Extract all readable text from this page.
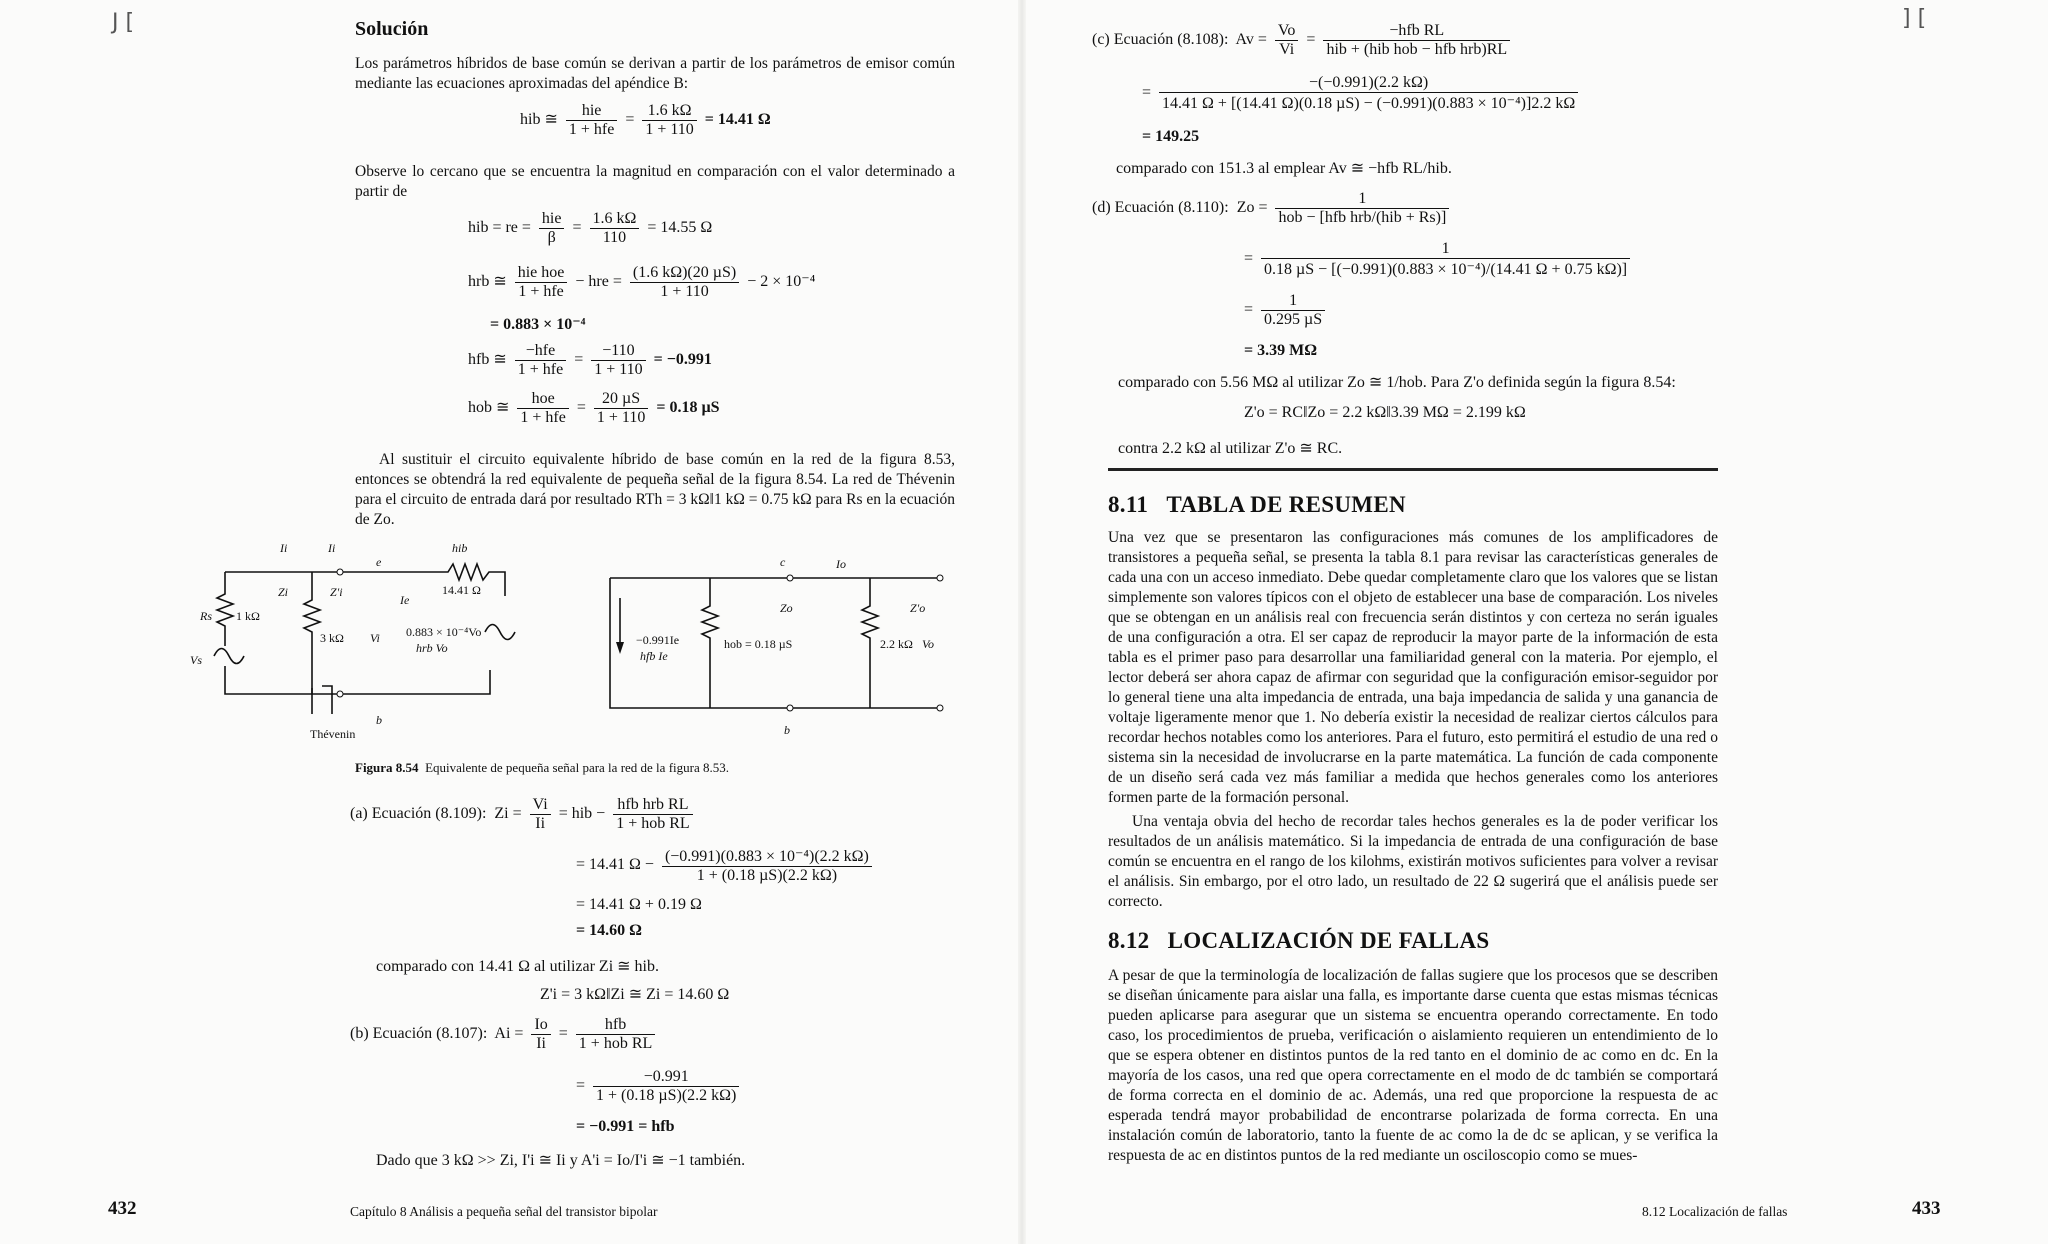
J [	Solución
Los parámetros híbridos de base común se derivan a partir de los parámetros de emisor común mediante las ecuaciones aproximadas del apéndice B:
hib ≅ $\frac{\text{hie}}{\text{1 + hfe}} = \frac{1.6 k\Omega}{1 + 110} = 14.41$ Ω
Observe lo cercano que se encuentra la magnitud en comparación con el valor determinado a partir de
hib = re = $\frac{\text{hie}}{\beta} = \frac{1.6 k\Omega}{110} = 14.55$ Ω
hrb ≅ $\frac{\text{hie hoe}}{\text{1 + hfe}}$ − hre = $\frac{\text{(1.6 kΩ)(20 µS)}}{1 + 110} - 2 \times 10^{-4}$
= 0.883 × 10⁻⁴
hfb ≅ $\frac{\text{−hfe}}{\text{1 + hfe}} = \frac{-110}{1 + 110} = -0.991$
hob ≅ $\frac{\text{hoe}}{\text{1 + hfe}} = \frac{\text{20 µS}}{1 + 110} = 0.18$ µS
Al sustituir el circuito equivalente híbrido de base común en la red de la figura 8.53, entonces se obtendrá la red equivalente de pequeña señal de la figura 8.54. La red de Thévenin para el circuito de entrada dará por resultado RTh = 3 kΩ‖1 kΩ = 0.75 kΩ para Rs en la ecuación de Zo.
Ii	Ii
e
hib
14.41 Ω
Rs 1 kΩ
Zi	Z'i
Ie
3 kΩ Vi 0.883 × 10⁻⁴Vo
hrb Vo
Vs
Thévenin
b
c	Io
Zo	Z'o
−0.991Ie
hfb Ie
hob = 0.18 µS	2.2 kΩ Vo
b
Figura 8.54 Equivalente de pequeña señal para la red de la figura 8.53.
(a) Ecuación (8.109): $Zi = \frac{Vi}{Ii}$ = hib − $\frac{\text{hfb hrb RL}}{\text{1 + hob RL}}$
= 14.41 $\Omega - \frac{\text{(−0.991)(0.883 × 10⁻⁴)(2.2 kΩ)}}{\text{1 + (0.18 µS)(2.2 kΩ)}}$
= 14.41 Ω + 0.19 Ω
= 14.60 Ω
comparado con 14.41 Ω al utilizar Zi ≅ hib.
Z'i = 3 kΩ‖Zi ≅ Zi = 14.60 Ω
(b) Ecuación (8.107): $Ai = \frac{Io}{Ii} = \frac{\text{hfb}}{\text{1 + hob RL}}$
= $\frac{-0.991}{\text{1 + (0.18 µS)(2.2 kΩ)}}$
= −0.991 = hfb
Dado que 3 kΩ >> Zi, I'i ≅ Ii y A'i = Io/I'i ≅ −1 también.
432	Capítulo 8 Análisis a pequeña señal del transistor bipolar
] [
(c) Ecuación (8.108): $Av = \frac{Vo}{Vi} = \frac{\text{−hfb RL}}{\text{hib + (hib hob − hfb hrb)RL}}$
=
−(−0.991)(2.2 kΩ)
14.41 Ω + [(14.41 Ω)(0.18 µS) − (−0.991)(0.883 × 10⁻⁴)]2.2 kΩ
= 149.25
comparado con 151.3 al emplear Av ≅ −hfb RL/hib.
(d) Ecuación (8.110): $Zo = \frac{1}{\text{hob − [hfb hrb/(hib + Rs)]}}$
= $\frac{1}{\text{0.18 µS − [(−0.991)(0.883 × 10⁻⁴)/(14.41 Ω + 0.75 kΩ)]}}$
= $\frac{1}{\text{0.295 µS}}$
= 3.39 MΩ
comparado con 5.56 MΩ al utilizar Zo ≅ 1/hob. Para Z'o definida según la figura 8.54:
Z'o = RC‖Zo = 2.2 kΩ‖3.39 MΩ = 2.199 kΩ
contra 2.2 kΩ al utilizar Z'o ≅ RC.
8.11 TABLA DE RESUMEN
Una vez que se presentaron las configuraciones más comunes de los amplificadores de transistores a pequeña señal, se presenta la tabla 8.1 para revisar las características generales de cada una con un acceso inmediato. Debe quedar completamente claro que los valores que se listan simplemente son valores típicos con el objeto de establecer una base de comparación. Los niveles que se obtengan en un análisis real con frecuencia serán distintos y con certeza no serán iguales de una configuración a otra. El ser capaz de reproducir la mayor parte de la información de esta tabla es el primer paso para desarrollar una familiaridad general con la materia. Por ejemplo, el lector deberá ser ahora capaz de afirmar con seguridad que la configuración emisor-seguidor por lo general tiene una alta impedancia de entrada, una baja impedancia de salida y una ganancia de voltaje ligeramente menor que 1. No debería existir la necesidad de realizar ciertos cálculos para recordar hechos notables como los anteriores. Para el futuro, esto permitirá el estudio de una red o sistema sin la necesidad de involucrarse en la parte matemática. La función de cada componente de un diseño será cada vez más familiar a medida que hechos generales como los anteriores formen parte de la formación personal.
Una ventaja obvia del hecho de recordar tales hechos generales es la de poder verificar los resultados de un análisis matemático. Si la impedancia de entrada de una configuración de base común se encuentra en el rango de los kilohms, existirán motivos suficientes para volver a revisar el análisis. Sin embargo, por el otro lado, un resultado de 22 Ω sugerirá que el análisis puede ser correcto.
8.12 LOCALIZACIÓN DE FALLAS
A pesar de que la terminología de localización de fallas sugiere que los procesos que se describen se diseñan únicamente para aislar una falla, es importante darse cuenta que estas mismas técnicas pueden aplicarse para asegurar que un sistema se encuentra operando correctamente. En todo caso, los procedimientos de prueba, verificación o aislamiento requieren un entendimiento de lo que se espera obtener en distintos puntos de la red tanto en el dominio de ac como en dc. En la mayoría de los casos, una red que opera correctamente en el modo de dc también se comportará de forma correcta en el dominio de ac. Además, una red que proporcione la respuesta de ac esperada tendrá mayor probabilidad de encontrarse polarizada de forma correcta. En una instalación común de laboratorio, tanto la fuente de ac como la de dc se aplican, y se verifica la respuesta de ac en distintos puntos de la red mediante un osciloscopio como se mues-
8.12 Localización de fallas	433
